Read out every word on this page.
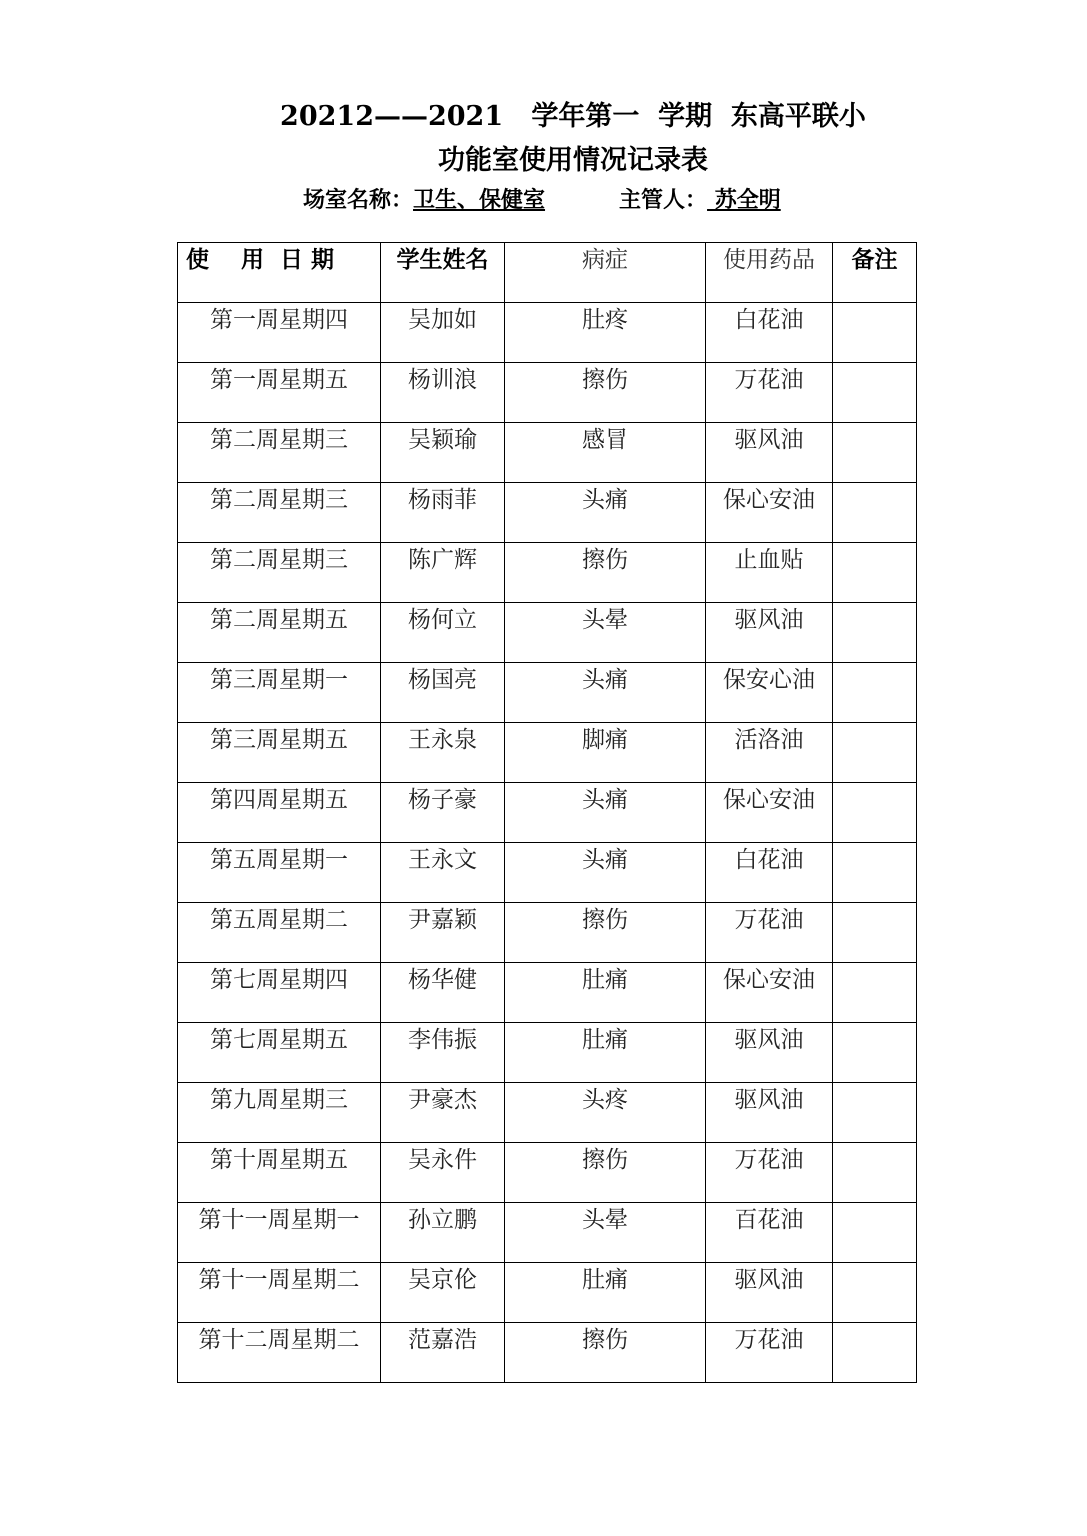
20212——2021   学年第一  学期  东高平联小
功能室使用情况记录表
场室名称：卫生、保健室	主管人： 苏全明
使    用  日 期	学生姓名	病症	使用药品	备注

第一周星期四	吴加如	肚疼	白花油	

第一周星期五	杨训浪	擦伤	万花油	

第二周星期三	吴颖瑜	感冒	驱风油	

第二周星期三	杨雨菲	头痛	保心安油	

第二周星期三	陈广辉	擦伤	止血贴	

第二周星期五	杨何立	头晕	驱风油	

第三周星期一	杨国亮	头痛	保安心油	

第三周星期五	王永泉	脚痛	活洛油	

第四周星期五	杨子豪	头痛	保心安油	

第五周星期一	王永文	头痛	白花油	

第五周星期二	尹嘉颖	擦伤	万花油	

第七周星期四	杨华健	肚痛	保心安油	

第七周星期五	李伟振	肚痛	驱风油	

第九周星期三	尹豪杰	头疼	驱风油	

第十周星期五	吴永件	擦伤	万花油	

第十一周星期一	孙立鹏	头晕	百花油	

第十一周星期二	吴京伦	肚痛	驱风油	

第十二周星期二	范嘉浩	擦伤	万花油	
